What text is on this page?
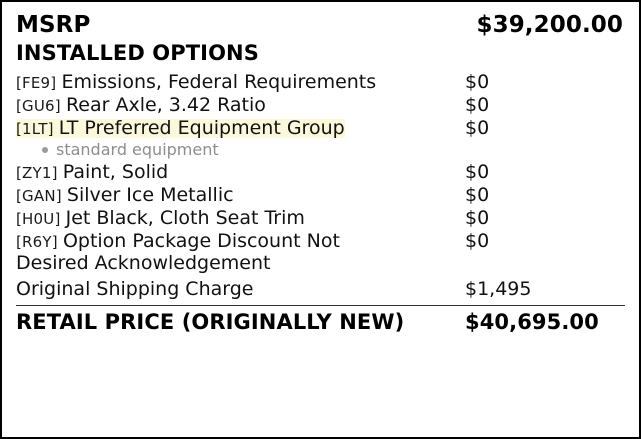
MSRP	$39,200.00
INSTALLED OPTIONS
[FE9] Emissions, Federal Requirements	$0
[GU6] Rear Axle, 3.42 Ratio	$0
[1LT] LT Preferred Equipment Group	$0
standard equipment
[ZY1] Paint, Solid	$0
[GAN] Silver Ice Metallic	$0
[H0U] Jet Black, Cloth Seat Trim	$0
[R6Y] Option Package Discount Not	$0
Desired Acknowledgement
Original Shipping Charge	$1,495
RETAIL PRICE (ORIGINALLY NEW)	$40,695.00
